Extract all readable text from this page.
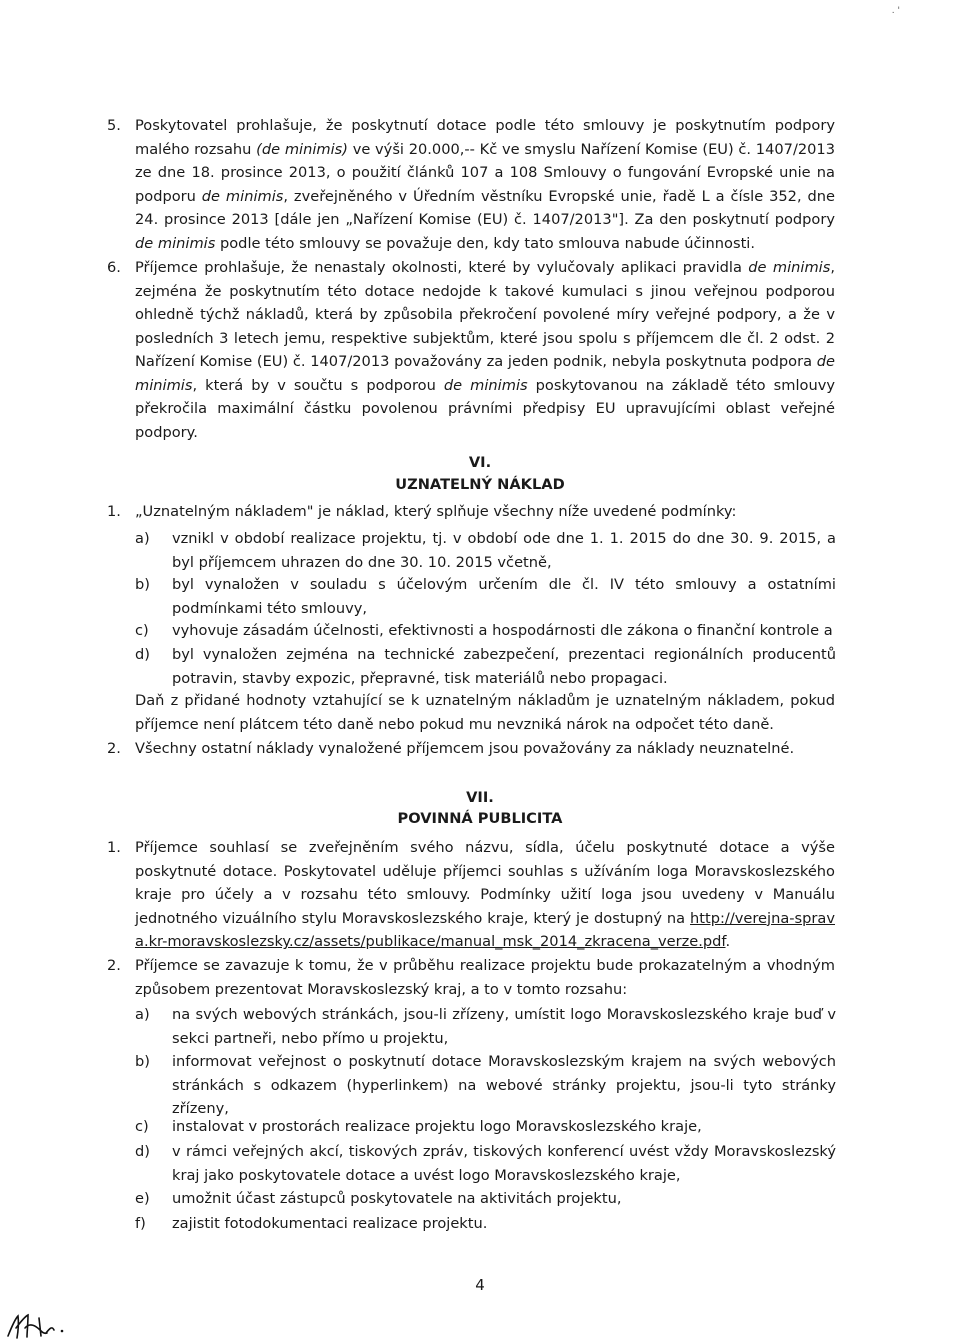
. '
5. Poskytovatel prohlašuje, že poskytnutí dotace podle této smlouvy je poskytnutím podpory malého rozsahu (de minimis) ve výši 20.000,-- Kč ve smyslu Nařízení Komise (EU) č. 1407/2013 ze dne 18. prosince 2013, o použití článků 107 a 108 Smlouvy o fungování Evropské unie na podporu de minimis, zveřejněného v Úředním věstníku Evropské unie, řadě L a čísle 352, dne 24. prosince 2013 [dále jen „Nařízení Komise (EU) č. 1407/2013"]. Za den poskytnutí podpory de minimis podle této smlouvy se považuje den, kdy tato smlouva nabude účinnosti.
6. Příjemce prohlašuje, že nenastaly okolnosti, které by vylučovaly aplikaci pravidla de minimis, zejména že poskytnutím této dotace nedojde k takové kumulaci s jinou veřejnou podporou ohledně týchž nákladů, která by způsobila překročení povolené míry veřejné podpory, a že v posledních 3 letech jemu, respektive subjektům, které jsou spolu s příjemcem dle čl. 2 odst. 2 Nařízení Komise (EU) č. 1407/2013 považovány za jeden podnik, nebyla poskytnuta podpora de minimis, která by v součtu s podporou de minimis poskytovanou na základě této smlouvy překročila maximální částku povolenou právními předpisy EU upravujícími oblast veřejné podpory.
VI.
UZNATELNÝ NÁKLAD
1. „Uznatelným nákladem" je náklad, který splňuje všechny níže uvedené podmínky:
a)	vznikl v období realizace projektu, tj. v období ode dne 1. 1. 2015 do dne 30. 9. 2015, a byl příjemcem uhrazen do dne 30. 10. 2015 včetně,
b)	byl vynaložen v souladu s účelovým určením dle čl. IV této smlouvy a ostatními podmínkami této smlouvy,
c)	vyhovuje zásadám účelnosti, efektivnosti a hospodárnosti dle zákona o finanční kontrole a
d)	byl vynaložen zejména na technické zabezpečení, prezentaci regionálních producentů potravin, stavby expozic, přepravné, tisk materiálů nebo propagaci.
Daň z přidané hodnoty vztahující se k uznatelným nákladům je uznatelným nákladem, pokud příjemce není plátcem této daně nebo pokud mu nevzniká nárok na odpočet této daně.
2. Všechny ostatní náklady vynaložené příjemcem jsou považovány za náklady neuznatelné.
VII.
POVINNÁ PUBLICITA
1. Příjemce souhlasí se zveřejněním svého názvu, sídla, účelu poskytnuté dotace a výše poskytnuté dotace. Poskytovatel uděluje příjemci souhlas s užíváním loga Moravskoslezského kraje pro účely a v rozsahu této smlouvy. Podmínky užití loga jsou uvedeny v Manuálu jednotného vizuálního stylu Moravskoslezského kraje, který je dostupný na http://verejna-sprava.kr-moravskoslezsky.cz/assets/publikace/manual_msk_2014_zkracena_verze.pdf.
2. Příjemce se zavazuje k tomu, že v průběhu realizace projektu bude prokazatelným a vhodným způsobem prezentovat Moravskoslezský kraj, a to v tomto rozsahu:
a)	na svých webových stránkách, jsou-li zřízeny, umístit logo Moravskoslezského kraje buď v sekci partneři, nebo přímo u projektu,
b)	informovat veřejnost o poskytnutí dotace Moravskoslezským krajem na svých webových stránkách s odkazem (hyperlinkem) na webové stránky projektu, jsou-li tyto stránky zřízeny,
c)	instalovat v prostorách realizace projektu logo Moravskoslezského kraje,
d)	v rámci veřejných akcí, tiskových zpráv, tiskových konferencí uvést vždy Moravskoslezský kraj jako poskytovatele dotace a uvést logo Moravskoslezského kraje,
e)	umožnit účast zástupců poskytovatele na aktivitách projektu,
f)	zajistit fotodokumentaci realizace projektu.
4
